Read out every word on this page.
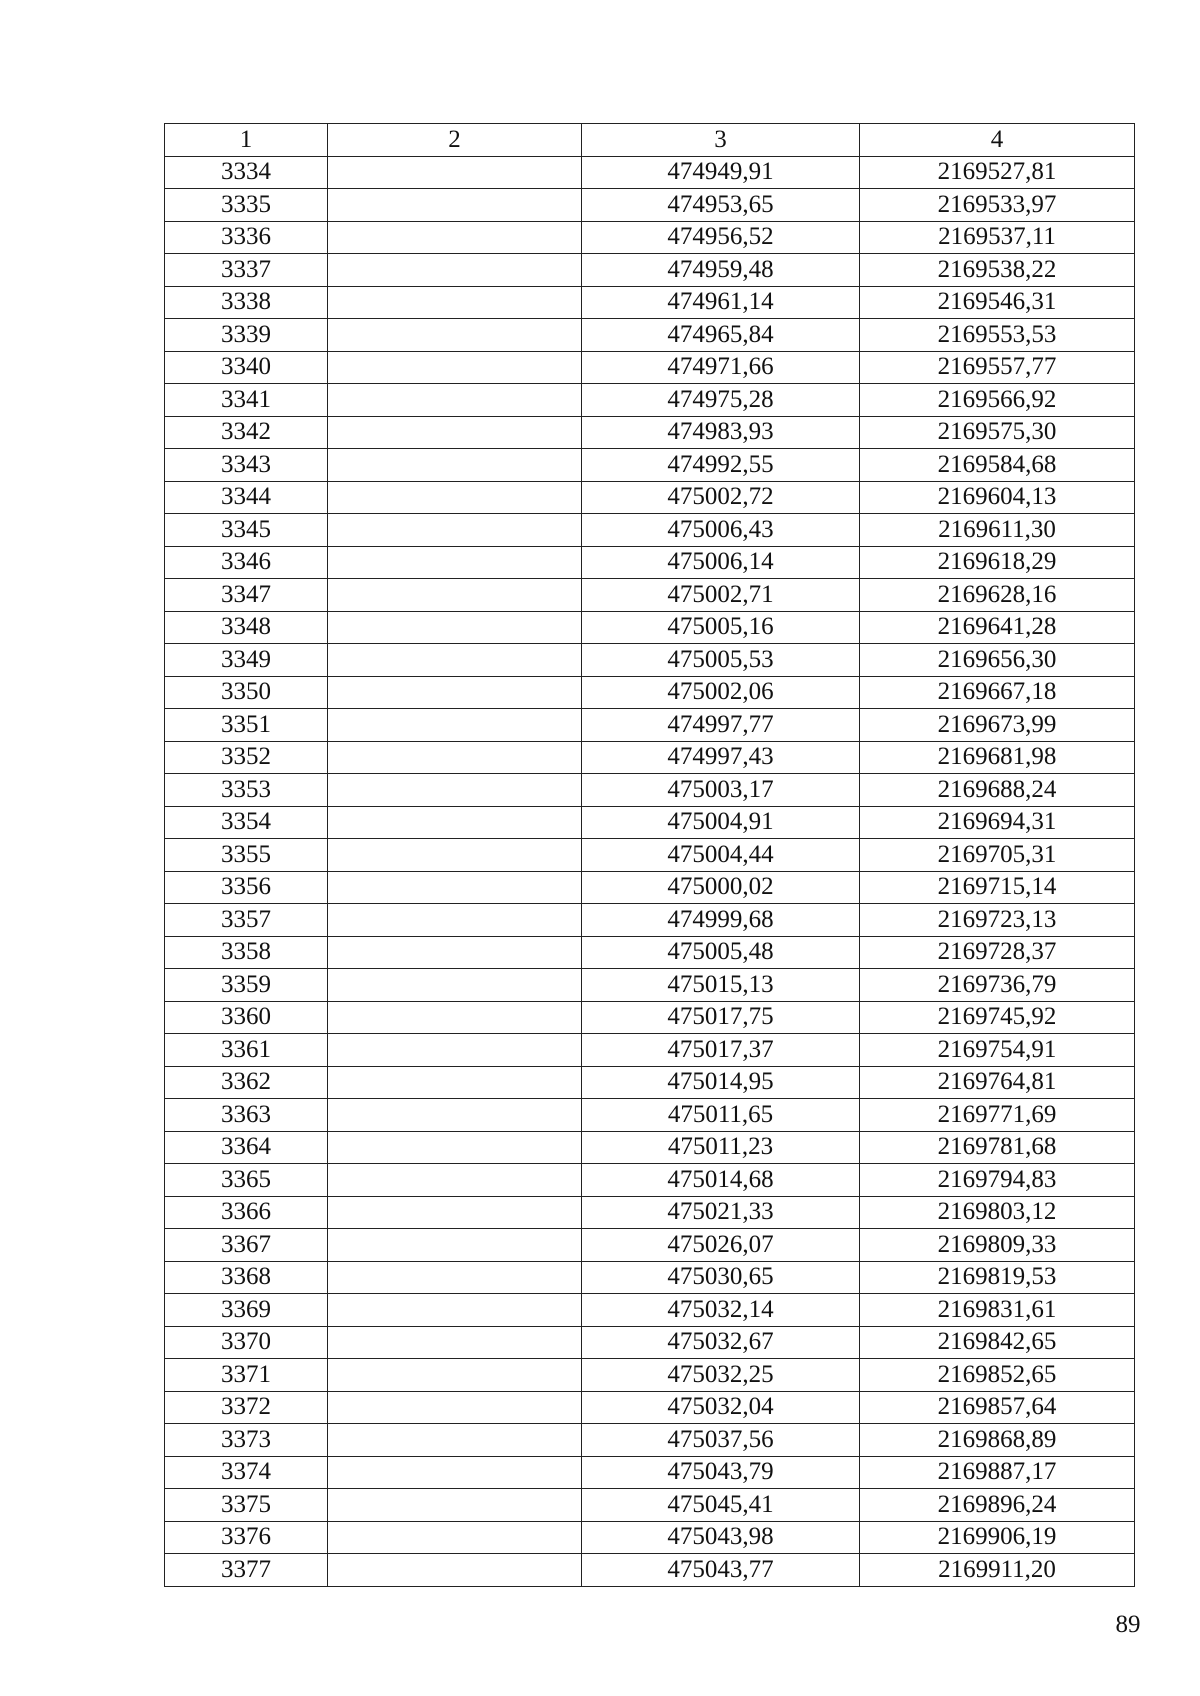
1	2	3	4
3334		474949,91	2169527,81
3335		474953,65	2169533,97
3336		474956,52	2169537,11
3337		474959,48	2169538,22
3338		474961,14	2169546,31
3339		474965,84	2169553,53
3340		474971,66	2169557,77
3341		474975,28	2169566,92
3342		474983,93	2169575,30
3343		474992,55	2169584,68
3344		475002,72	2169604,13
3345		475006,43	2169611,30
3346		475006,14	2169618,29
3347		475002,71	2169628,16
3348		475005,16	2169641,28
3349		475005,53	2169656,30
3350		475002,06	2169667,18
3351		474997,77	2169673,99
3352		474997,43	2169681,98
3353		475003,17	2169688,24
3354		475004,91	2169694,31
3355		475004,44	2169705,31
3356		475000,02	2169715,14
3357		474999,68	2169723,13
3358		475005,48	2169728,37
3359		475015,13	2169736,79
3360		475017,75	2169745,92
3361		475017,37	2169754,91
3362		475014,95	2169764,81
3363		475011,65	2169771,69
3364		475011,23	2169781,68
3365		475014,68	2169794,83
3366		475021,33	2169803,12
3367		475026,07	2169809,33
3368		475030,65	2169819,53
3369		475032,14	2169831,61
3370		475032,67	2169842,65
3371		475032,25	2169852,65
3372		475032,04	2169857,64
3373		475037,56	2169868,89
3374		475043,79	2169887,17
3375		475045,41	2169896,24
3376		475043,98	2169906,19
3377		475043,77	2169911,20
89
